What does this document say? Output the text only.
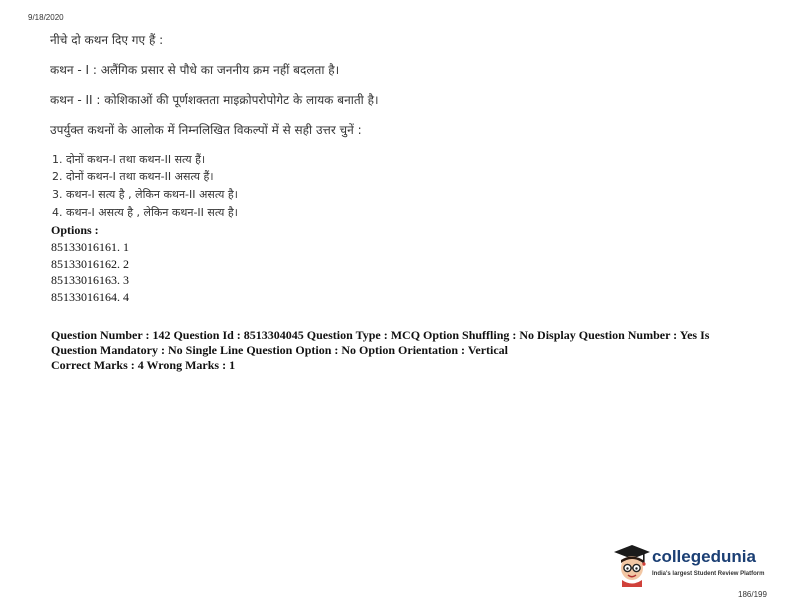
9/18/2020
नीचे दो कथन दिए गए हैं :
कथन - I : अलैंगिक प्रसार से पौधे का जननीय क्रम नहीं बदलता है।
कथन - II : कोशिकाओं की पूर्णशक्तता माइक्रोपरोपोगेट के लायक बनाती है।
उपर्युक्त कथनों के आलोक में निम्नलिखित विकल्पों में से सही उत्तर चुनें :
1. दोनों कथन-I तथा कथन-II सत्य हैं।
2. दोनों कथन-I तथा कथन-II असत्य हैं।
3. कथन-I सत्य है , लेकिन कथन-II असत्य है।
4. कथन-I असत्य है , लेकिन कथन-II सत्य है।
Options :
85133016161. 1
85133016162. 2
85133016163. 3
85133016164. 4
Question Number : 142 Question Id : 8513304045 Question Type : MCQ Option Shuffling : No Display Question Number : Yes Is Question Mandatory : No Single Line Question Option : No Option Orientation : Vertical
Correct Marks : 4 Wrong Marks : 1
collegedunia
India's largest Student Review Platform
186/199
